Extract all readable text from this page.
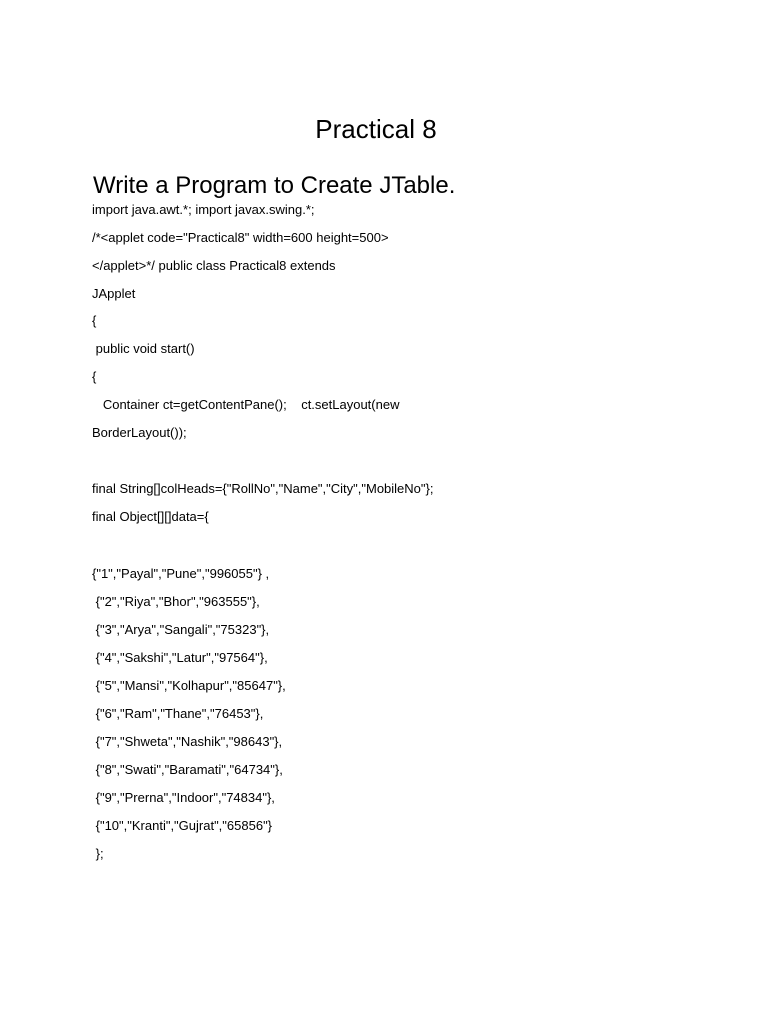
Practical 8
Write a Program to Create JTable.
import java.awt.*; import javax.swing.*;
/*<applet code="Practical8" width=600 height=500>
</applet>*/ public class Practical8 extends
JApplet
{
public void start()
{
Container ct=getContentPane();    ct.setLayout(new
BorderLayout());
final String[]colHeads={"RollNo","Name","City","MobileNo"};
final Object[][]data={
{"1","Payal","Pune","996055"} ,
{"2","Riya","Bhor","963555"},
{"3","Arya","Sangali","75323"},
{"4","Sakshi","Latur","97564"},
{"5","Mansi","Kolhapur","85647"},
{"6","Ram","Thane","76453"},
{"7","Shweta","Nashik","98643"},
{"8","Swati","Baramati","64734"},
{"9","Prerna","Indoor","74834"},
{"10","Kranti","Gujrat","65856"}
};
